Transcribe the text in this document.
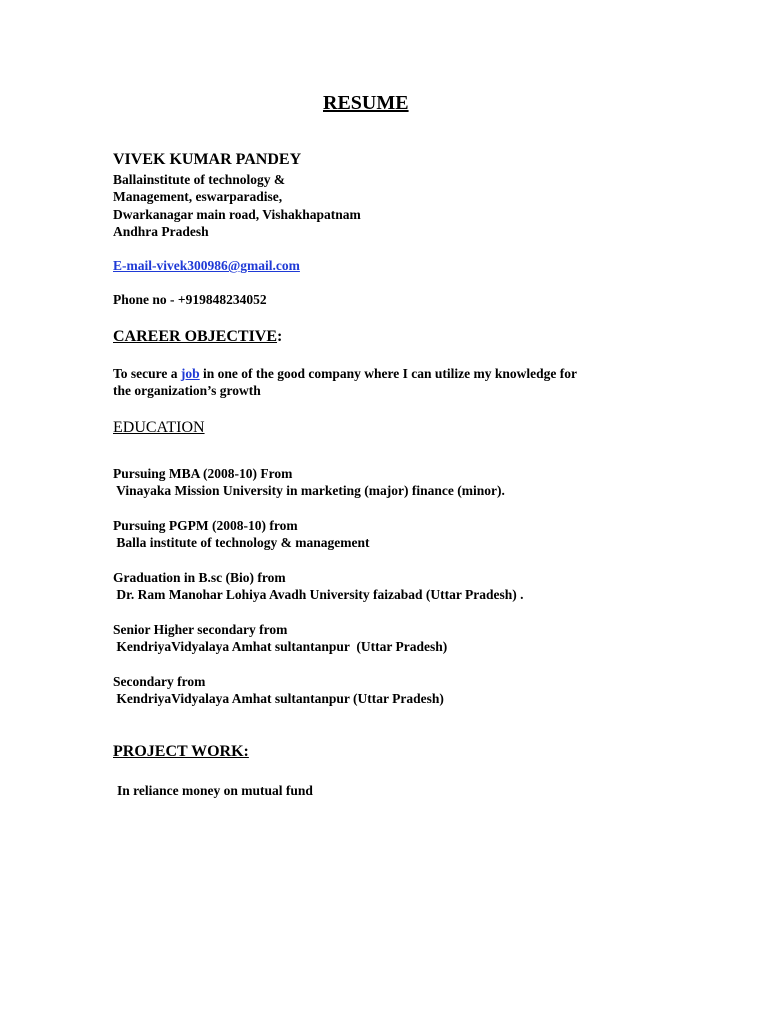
RESUME
VIVEK KUMAR PANDEY
Ballainstitute of technology &
Management, eswarparadise,
Dwarkanagar main road, Vishakhapatnam
Andhra Pradesh
E-mail-vivek300986@gmail.com
Phone no - +919848234052
CAREER OBJECTIVE:
To secure a job in one of the good company where I can utilize my knowledge for
the organization’s growth
EDUCATION
Pursuing MBA (2008-10) From
Vinayaka Mission University in marketing (major) finance (minor).
Pursuing PGPM (2008-10) from
Balla institute of technology & management
Graduation in B.sc (Bio) from
Dr. Ram Manohar Lohiya Avadh University faizabad (Uttar Pradesh) .
Senior Higher secondary from
KendriyaVidyalaya Amhat sultantanpur  (Uttar Pradesh)
Secondary from
KendriyaVidyalaya Amhat sultantanpur (Uttar Pradesh)
PROJECT WORK:
In reliance money on mutual fund
